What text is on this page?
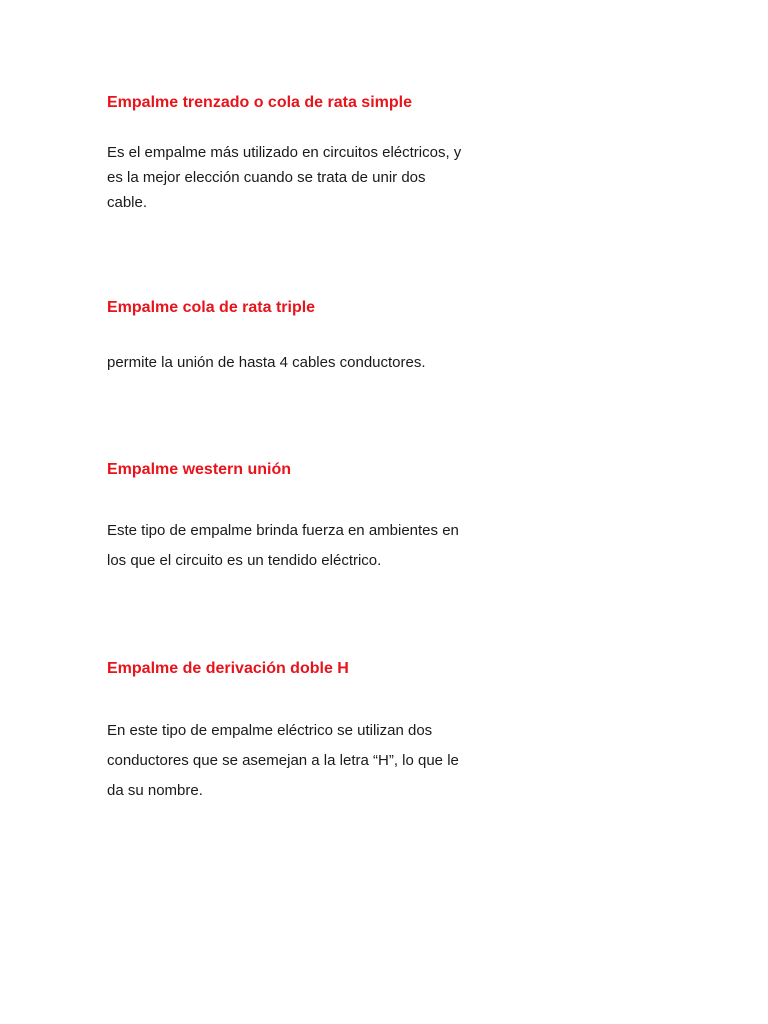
Empalme trenzado o cola de rata simple

Es el empalme más utilizado en circuitos eléctricos, y
es la mejor elección cuando se trata de unir dos
cable.

Empalme cola de rata triple

permite la unión de hasta 4 cables conductores.

Empalme western unión

Este tipo de empalme brinda fuerza en ambientes en
los que el circuito es un tendido eléctrico.

Empalme de derivación doble H

En este tipo de empalme eléctrico se utilizan dos
conductores que se asemejan a la letra “H”, lo que le
da su nombre.
